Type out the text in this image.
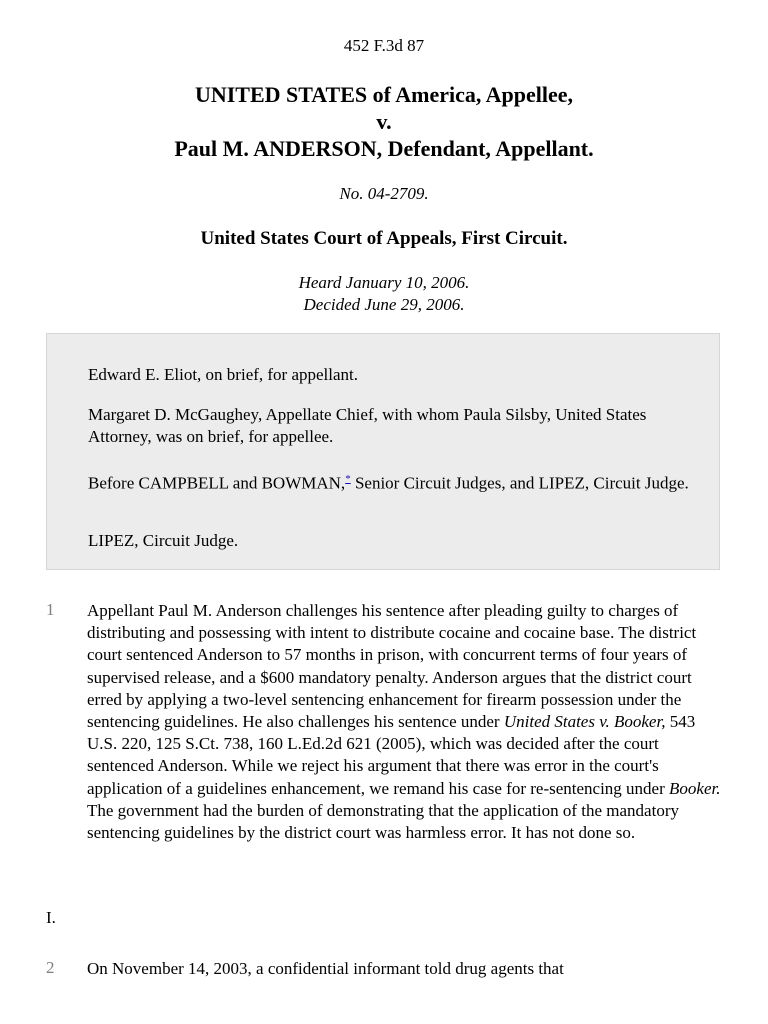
452 F.3d 87
UNITED STATES of America, Appellee,
v.
Paul M. ANDERSON, Defendant, Appellant.
No. 04-2709.
United States Court of Appeals, First Circuit.
Heard January 10, 2006.
Decided June 29, 2006.
Edward E. Eliot, on brief, for appellant.
Margaret D. McGaughey, Appellate Chief, with whom Paula Silsby, United States Attorney, was on brief, for appellee.
Before CAMPBELL and BOWMAN,* Senior Circuit Judges, and LIPEZ, Circuit Judge.
LIPEZ, Circuit Judge.
1 Appellant Paul M. Anderson challenges his sentence after pleading guilty to charges of distributing and possessing with intent to distribute cocaine and cocaine base. The district court sentenced Anderson to 57 months in prison, with concurrent terms of four years of supervised release, and a $600 mandatory penalty. Anderson argues that the district court erred by applying a two-level sentencing enhancement for firearm possession under the sentencing guidelines. He also challenges his sentence under United States v. Booker, 543 U.S. 220, 125 S.Ct. 738, 160 L.Ed.2d 621 (2005), which was decided after the court sentenced Anderson. While we reject his argument that there was error in the court's application of a guidelines enhancement, we remand his case for re-sentencing under Booker. The government had the burden of demonstrating that the application of the mandatory sentencing guidelines by the district court was harmless error. It has not done so.
I.
2 On November 14, 2003, a confidential informant told drug agents that
